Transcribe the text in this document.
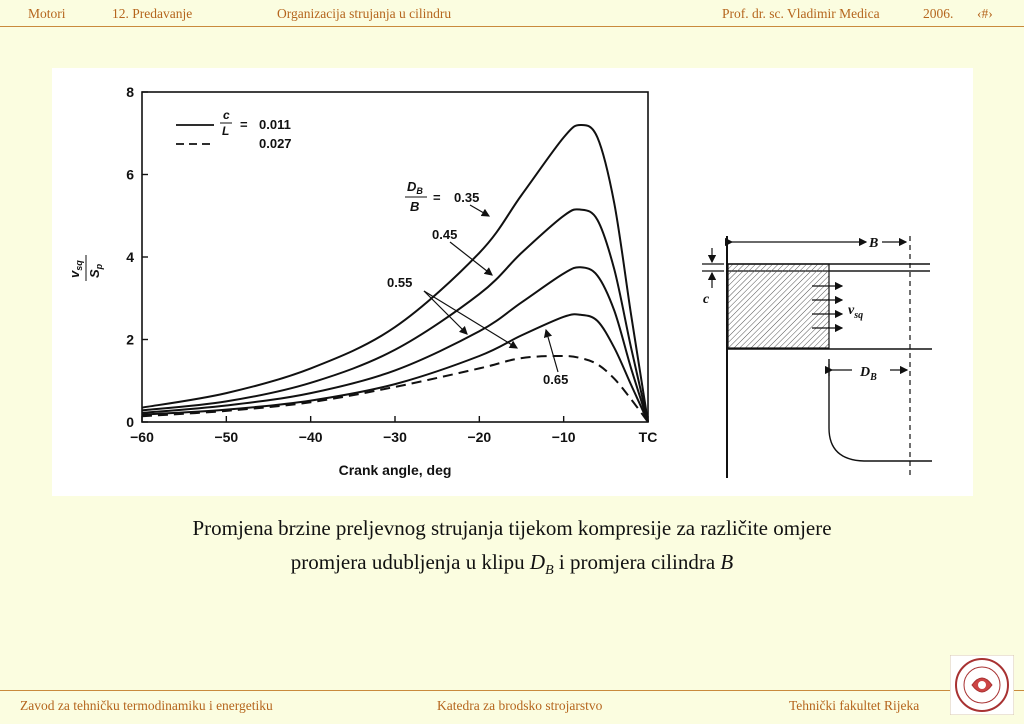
Motori	12. Predavanje	Organizacija strujanja u cilindru	Prof. dr. sc. Vladimir Medica	2006. ‹#›
−60	−50	−40	−30	−20	−10	TC
0
2
4
6
8
c
L = 0.011
0.027
$D_B$
B
= 0.35
0.45
0.55
0.65
$v_{sq}$
$S_p$
Crank angle, deg
B
c
$v_{sq}$
$D_B$
Promjena brzine preljevnog strujanja tijekom kompresije za različite omjere
promjera udubljenja u klipu $D_B$ i promjera cilindra B
Zavod za tehničku termodinamiku i energetiku	Katedra za brodsko strojarstvo	Tehnički fakultet Rijeka
